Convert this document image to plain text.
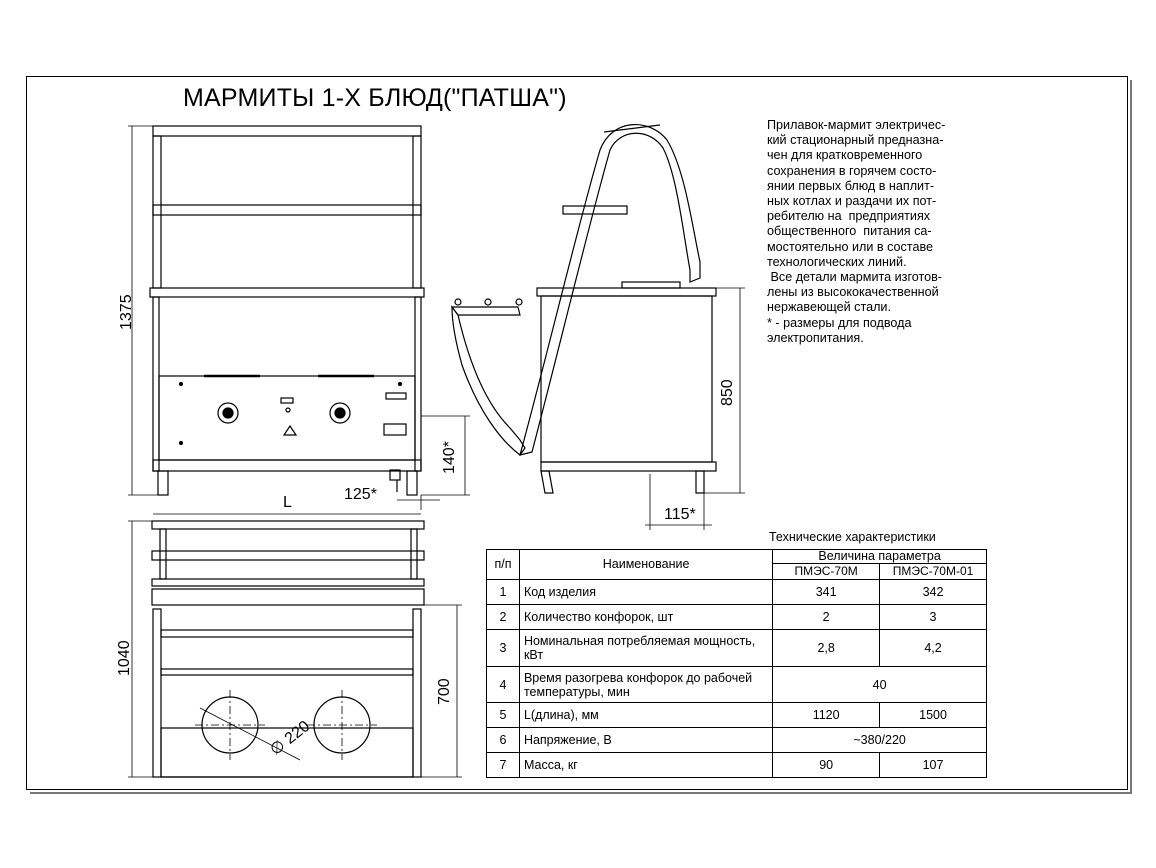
МАРМИТЫ 1-Х БЛЮД("ПАТША")

Прилавок-мармит электричес-

кий стационарный предназна-

чен для кратковременного

сохранения в горячем состо-

янии первых блюд в наплит-

ных котлах и раздачи их пот-

ребителю на  предприятиях

общественного  питания са-

мостоятельно или в составе

технологических линий.

Все детали мармита изготов-

лены из высококачественной

нержавеющей стали.

* - размеры для подвода

электропитания.

1375
L	125*
140*
850
115*
1040
700
∅ 220
Технические характеристики
п/п	Наименование	Величина параметра	
		ПМЭС-70М	ПМЭС-70М-01
1	Код изделия	341	342
2	Количество конфорок, шт	2	3
3	Номинальная потребляемая мощность, кВт	2,8	4,2
4	Время разогрева конфорок до рабочей температуры, мин	40	
5	L(длина), мм	1120	1500
6	Напряжение, В	~380/220	
7	Масса, кг	90	107
